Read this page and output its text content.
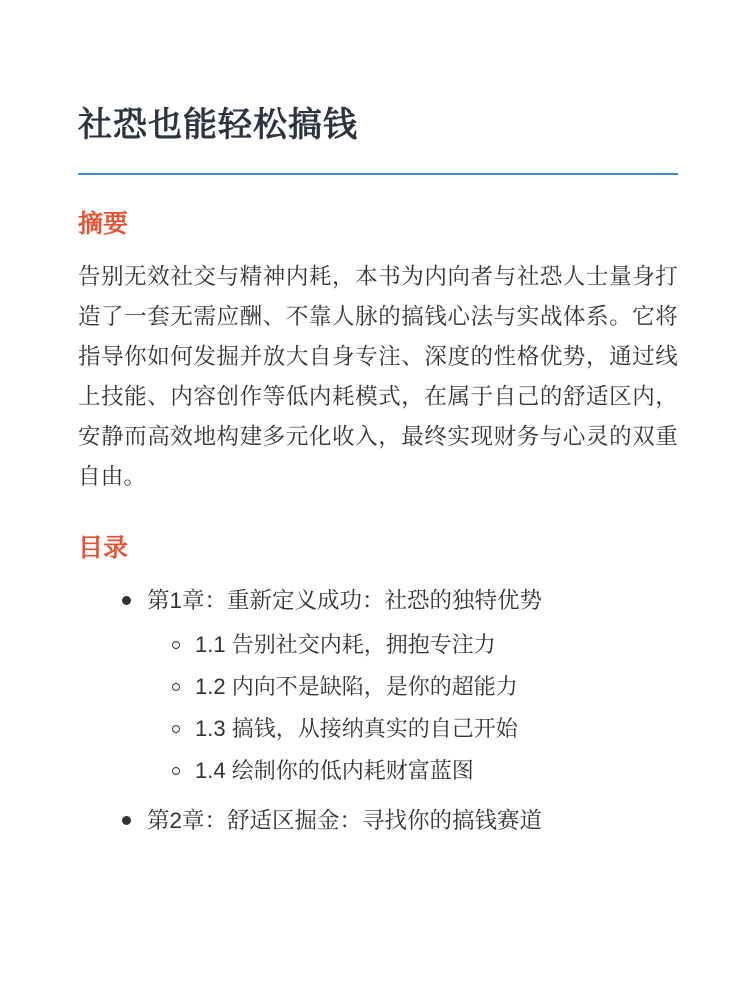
社恐也能轻松搞钱
摘要

告别无效社交与精神内耗，本书为内向者与社恐人士量身打造了一套无需应酬、不靠人脉的搞钱心法与实战体系。它将指导你如何发掘并放大自身专注、深度的性格优势，通过线上技能、内容创作等低内耗模式，在属于自己的舒适区内，安静而高效地构建多元化收入，最终实现财务与心灵的双重自由。

目录
第1章：重新定义成功：社恐的独特优势
1.1 告别社交内耗，拥抱专注力
1.2 内向不是缺陷，是你的超能力
1.3 搞钱，从接纳真实的自己开始
1.4 绘制你的低内耗财富蓝图
第2章：舒适区掘金：寻找你的搞钱赛道
